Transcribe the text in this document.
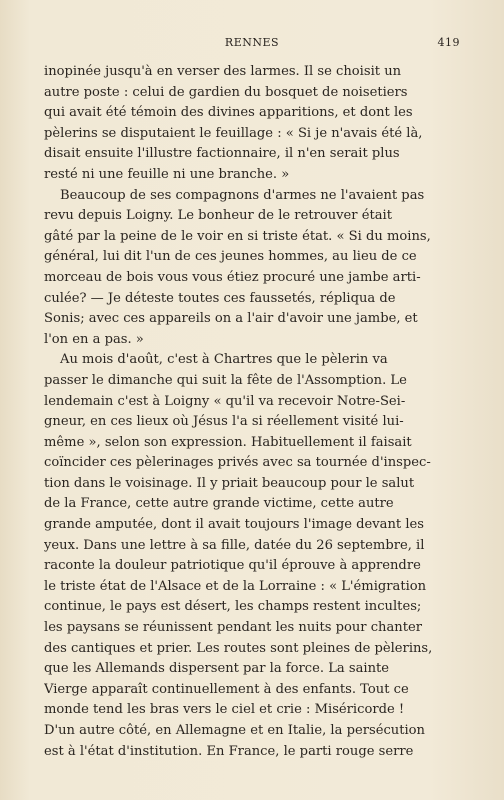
RENNES	419
inopinée jusqu'à en verser des larmes. Il se choisit un
autre poste : celui de gardien du bosquet de noisetiers
qui avait été témoin des divines apparitions, et dont les
pèlerins se disputaient le feuillage : « Si je n'avais été là,
disait ensuite l'illustre factionnaire, il n'en serait plus
resté ni une feuille ni une branche. »
Beaucoup de ses compagnons d'armes ne l'avaient pas
revu depuis Loigny. Le bonheur de le retrouver était
gâté par la peine de le voir en si triste état. « Si du moins,
général, lui dit l'un de ces jeunes hommes, au lieu de ce
morceau de bois vous vous étiez procuré une jambe arti-
culée? — Je déteste toutes ces faussetés, répliqua de
Sonis; avec ces appareils on a l'air d'avoir une jambe, et
l'on en a pas. »
Au mois d'août, c'est à Chartres que le pèlerin va
passer le dimanche qui suit la fête de l'Assomption. Le
lendemain c'est à Loigny « qu'il va recevoir Notre-Sei-
gneur, en ces lieux où Jésus l'a si réellement visité lui-
même », selon son expression. Habituellement il faisait
coïncider ces pèlerinages privés avec sa tournée d'inspec-
tion dans le voisinage. Il y priait beaucoup pour le salut
de la France, cette autre grande victime, cette autre
grande amputée, dont il avait toujours l'image devant les
yeux. Dans une lettre à sa fille, datée du 26 septembre, il
raconte la douleur patriotique qu'il éprouve à apprendre
le triste état de l'Alsace et de la Lorraine : « L'émigration
continue, le pays est désert, les champs restent incultes;
les paysans se réunissent pendant les nuits pour chanter
des cantiques et prier. Les routes sont pleines de pèlerins,
que les Allemands dispersent par la force. La sainte
Vierge apparaît continuellement à des enfants. Tout ce
monde tend les bras vers le ciel et crie : Miséricorde !
D'un autre côté, en Allemagne et en Italie, la persécution
est à l'état d'institution. En France, le parti rouge serre
